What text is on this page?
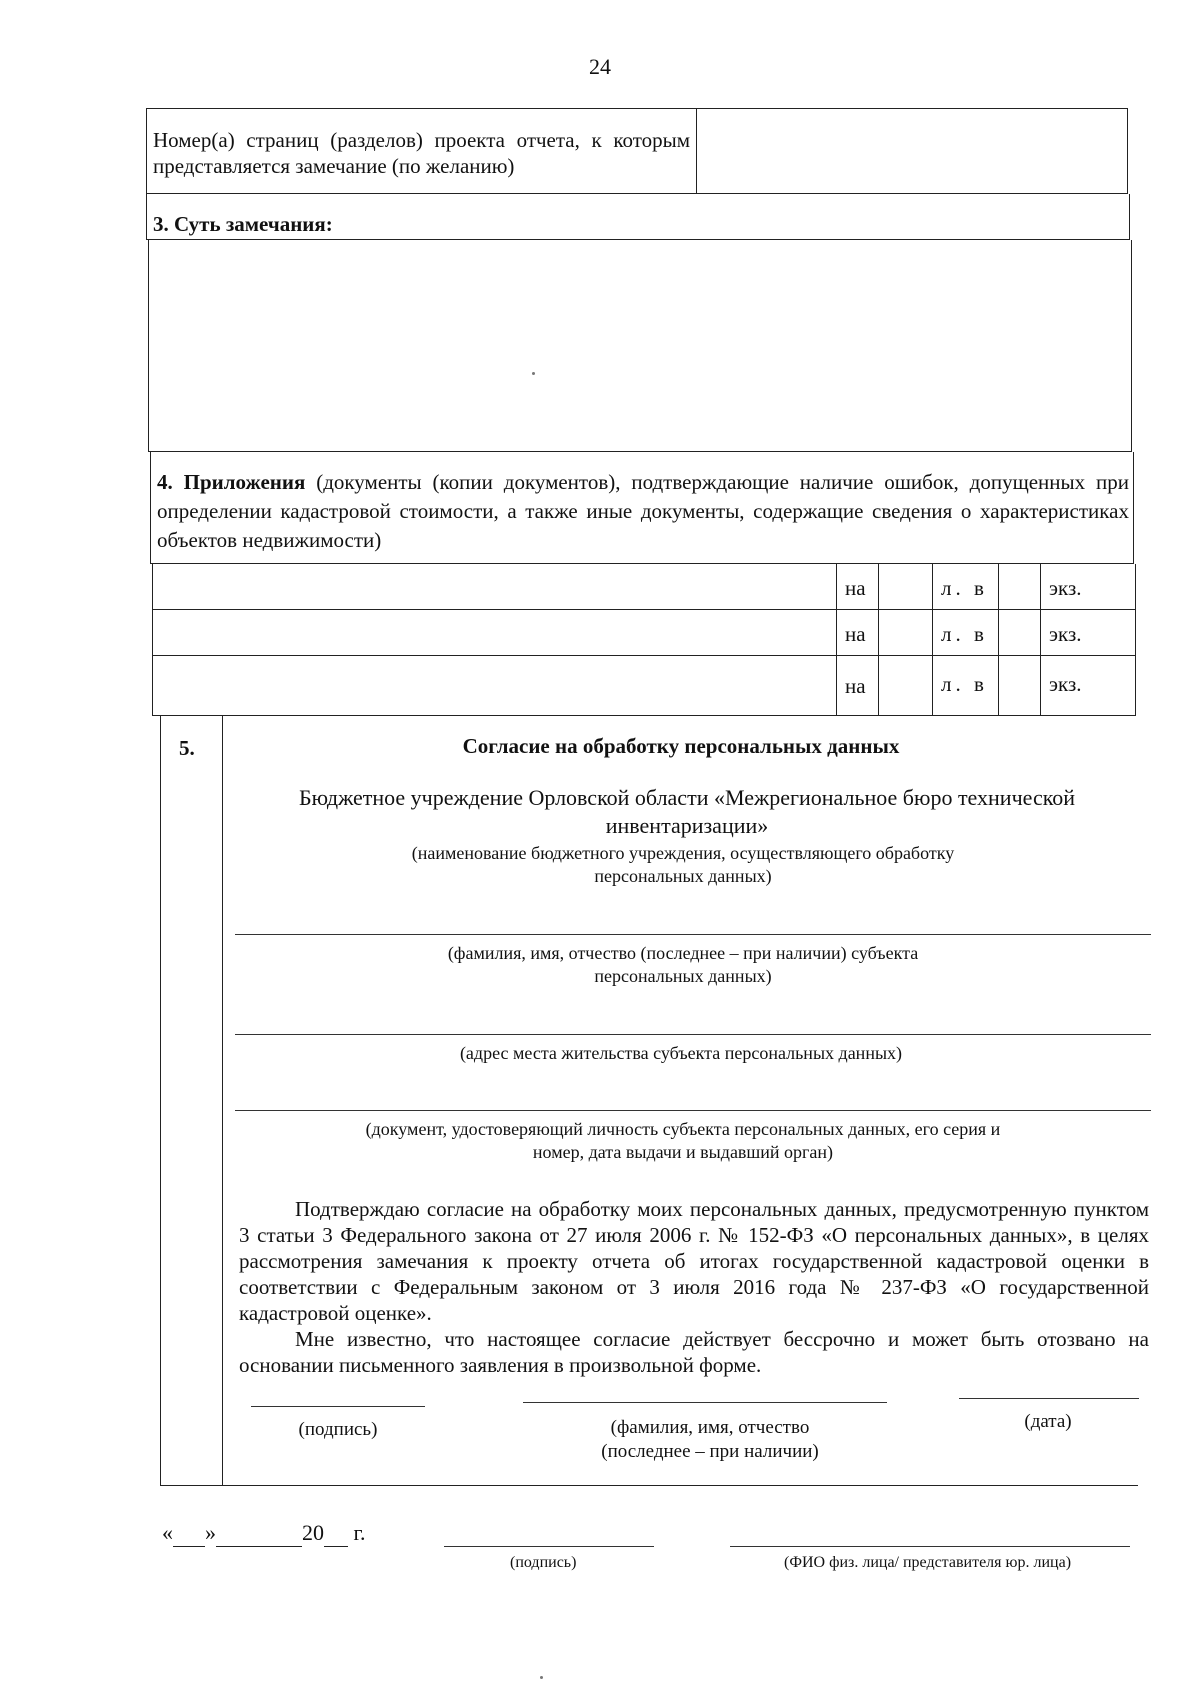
24
Номер(а) страниц (разделов) проекта отчета, к которым представляется замечание (по желанию)
3. Суть замечания:
4. Приложения (документы (копии документов), подтверждающие наличие ошибок, допущенных при определении кадастровой стоимости, а также иные документы, содержащие сведения о характеристиках объектов недвижимости)
на	л. в	экз.
на	л. в	экз.
на	л. в	экз.
5.	Согласие на обработку персональных данных
Бюджетное учреждение Орловской области «Межрегиональное бюро технической инвентаризации»
(наименование бюджетного учреждения, осуществляющего обработку персональных данных)
(фамилия, имя, отчество (последнее – при наличии) субъекта персональных данных)
(адрес места жительства субъекта персональных данных)
(документ, удостоверяющий личность субъекта персональных данных, его серия и номер, дата выдачи и выдавший орган)

Подтверждаю согласие на обработку моих персональных данных, предусмотренную пунктом 3 статьи 3 Федерального закона от 27 июля 2006 г. № 152-ФЗ «О персональных данных», в целях рассмотрения замечания к проекту отчета об итогах государственной кадастровой оценки в соответствии с Федеральным законом от 3 июля 2016 года № 237-ФЗ «О государственной кадастровой оценке».

Мне известно, что настоящее согласие действует бессрочно и может быть отозвано на основании письменного заявления в произвольной форме.

(подпись)	(фамилия, имя, отчество (последнее – при наличии)
(дата)
« »	20 г.
(подпись)	(ФИО физ. лица/ представителя юр. лица)
